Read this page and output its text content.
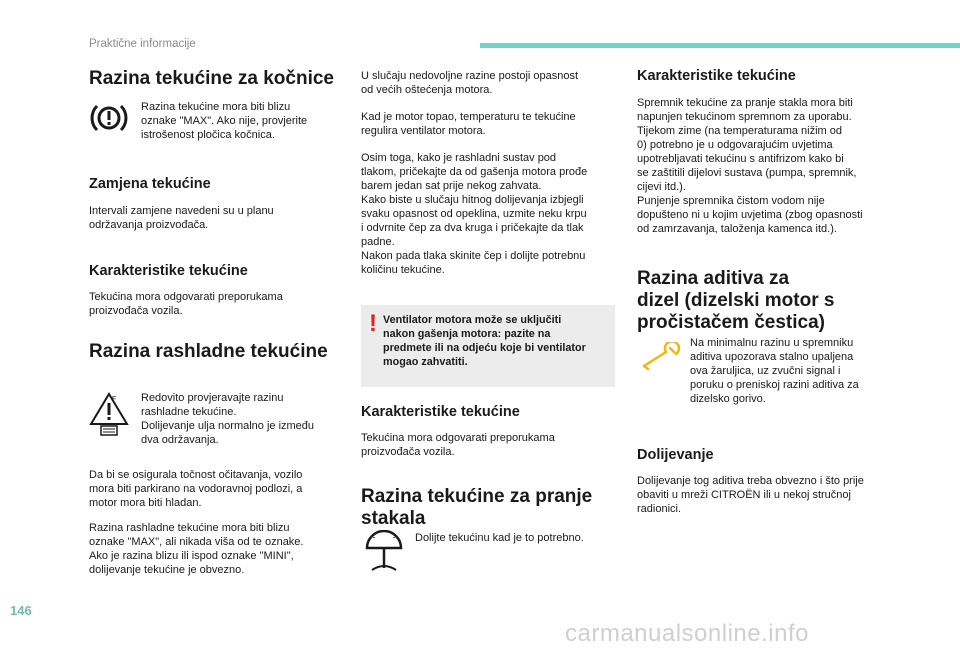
Praktične informacije
Razina tekućine za kočnice

Razina tekućine mora biti blizu
oznake "MAX". Ako nije, provjerite
istrošenost pločica kočnica.

Zamjena tekućine

Intervali zamjene navedeni su u planu
održavanja proizvođača.

Karakteristike tekućine

Tekućina mora odgovarati preporukama
proizvođača vozila.

Razina rashladne tekućine
F Redovito provjeravajte razinu
rashladne tekućine.
Dolijevanje ulja normalno je između
dva održavanja.

Da bi se osigurala točnost očitavanja, vozilo
mora biti parkirano na vodoravnoj podlozi, a
motor mora biti hladan.

Razina rashladne tekućine mora biti blizu
oznake "MAX", ali nikada viša od te oznake.
Ako je razina blizu ili ispod oznake "MINI",
dolijevanje tekućine je obvezno.

U slučaju nedovoljne razine postoji opasnost
od većih oštećenja motora.

Kad je motor topao, temperaturu te tekućine
regulira ventilator motora.

Osim toga, kako je rashladni sustav pod
tlakom, pričekajte da od gašenja motora prođe
barem jedan sat prije nekog zahvata.
Kako biste u slučaju hitnog dolijevanja izbjegli
svaku opasnost od opeklina, uzmite neku krpu
i odvrnite čep za dva kruga i pričekajte da tlak
padne.
Nakon pada tlaka skinite čep i dolijte potrebnu
količinu tekućine.

! Ventilator motora može se uključiti
nakon gašenja motora: pazite na
predmete ili na odjeću koje bi ventilator
mogao zahvatiti.
Karakteristike tekućine

Tekućina mora odgovarati preporukama
proizvođača vozila.

Razina tekućine za pranje
stakala

Dolijte tekućinu kad je to potrebno.

Karakteristike tekućine

Spremnik tekućine za pranje stakla mora biti
napunjen tekućinom spremnom za uporabu.
Tijekom zime (na temperaturama nižim od
0) potrebno je u odgovarajućim uvjetima
upotrebljavati tekućinu s antifrizom kako bi
se zaštitili dijelovi sustava (pumpa, spremnik,
cijevi itd.).
Punjenje spremnika čistom vodom nije
dopušteno ni u kojim uvjetima (zbog opasnosti
od zamrzavanja, taloženja kamenca itd.).

Razina aditiva za
dizel (dizelski motor s
pročistačem čestica)

Na minimalnu razinu u spremniku
aditiva upozorava stalno upaljena
ova žaruljica, uz zvučni signal i
poruku o preniskoj razini aditiva za
dizelsko gorivo.

Dolijevanje

Dolijevanje tog aditiva treba obvezno i što prije
obaviti u mreži CITROËN ili u nekoj stručnoj
radionici.

146
carmanualsonline.info
